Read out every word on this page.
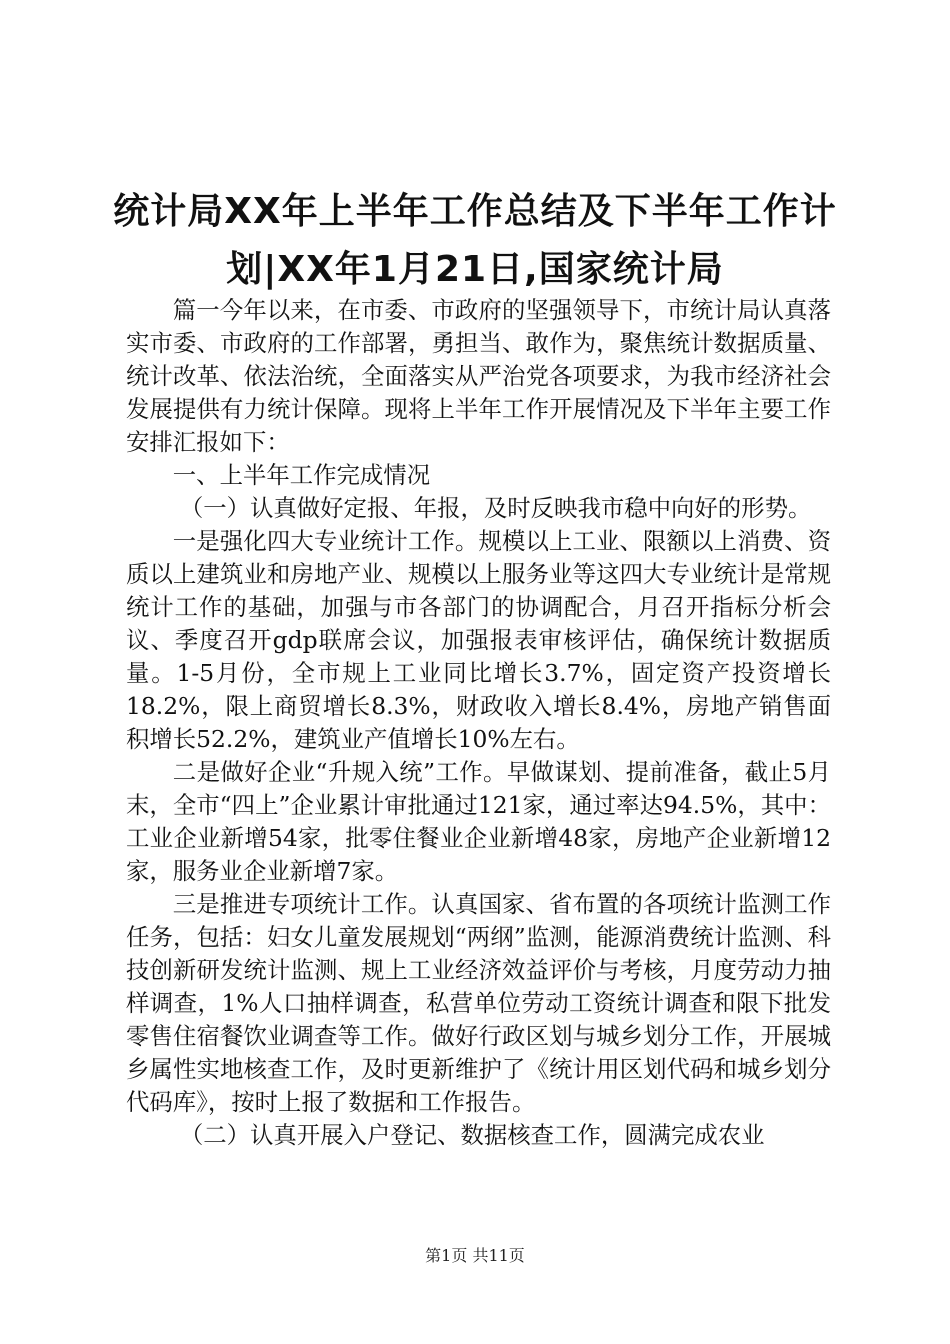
统计局XX年上半年工作总结及下半年工作计
划|XX年1月21日,国家统计局

篇一今年以来，在市委、市政府的坚强领导下，市统计局认真落实市委、市政府的工作部署，勇担当、敢作为，聚焦统计数据质量、统计改革、依法治统，全面落实从严治党各项要求，为我市经济社会发展提供有力统计保障。现将上半年工作开展情况及下半年主要工作安排汇报如下：

一、上半年工作完成情况

（一）认真做好定报、年报，及时反映我市稳中向好的形势。

一是强化四大专业统计工作。规模以上工业、限额以上消费、资质以上建筑业和房地产业、规模以上服务业等这四大专业统计是常规统计工作的基础，加强与市各部门的协调配合，月召开指标分析会议、季度召开gdp联席会议，加强报表审核评估，确保统计数据质量。1-5月份，全市规上工业同比增长3.7%，固定资产投资增长18.2%，限上商贸增长8.3%，财政收入增长8.4%，房地产销售面积增长52.2%，建筑业产值增长10%左右。

二是做好企业“升规入统”工作。早做谋划、提前准备，截止5月末，全市“四上”企业累计审批通过121家，通过率达94.5%，其中：工业企业新增54家，批零住餐业企业新增48家，房地产企业新增12家，服务业企业新增7家。

三是推进专项统计工作。认真国家、省布置的各项统计监测工作任务，包括：妇女儿童发展规划“两纲”监测，能源消费统计监测、科技创新研发统计监测、规上工业经济效益评价与考核，月度劳动力抽样调查，1%人口抽样调查，私营单位劳动工资统计调查和限下批发零售住宿餐饮业调查等工作。做好行政区划与城乡划分工作，开展城乡属性实地核查工作，及时更新维护了《统计用区划代码和城乡划分代码库》，按时上报了数据和工作报告。

（二）认真开展入户登记、数据核查工作，圆满完成农业

第1页 共11页
